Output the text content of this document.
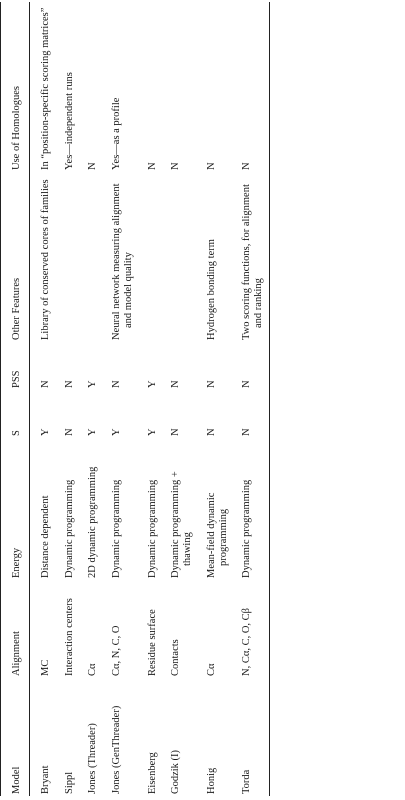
Model	Alignment	Energy	S	PSS	Other Features	Use of Homologues

Bryant	MC	Distance dependent	Y	N	Library of conserved cores of families	In “position-specific scoring matrices”

Sippl	Interaction centers	Dynamic programming	N	N		Yes—independent runs

Jones (Threader)	Cα	2D dynamic programming	Y	Y		N

Jones (GenThreader)	Cα, N, C, O	Dynamic programming	Y	N	Neural network measuring alignment and model quality	Yes—as a profile

Eisenberg	Residue surface	Dynamic programming	Y	Y		N

Godzik (I)	Contacts	Dynamic programming + thawing	N	N		N

Honig	Cα	Mean-field dynamic programming	N	N	Hydrogen bonding term	N

Torda	N, Cα, C, O, Cβ	Dynamic programming	N	N	Two scoring functions, for alignment and ranking	N
